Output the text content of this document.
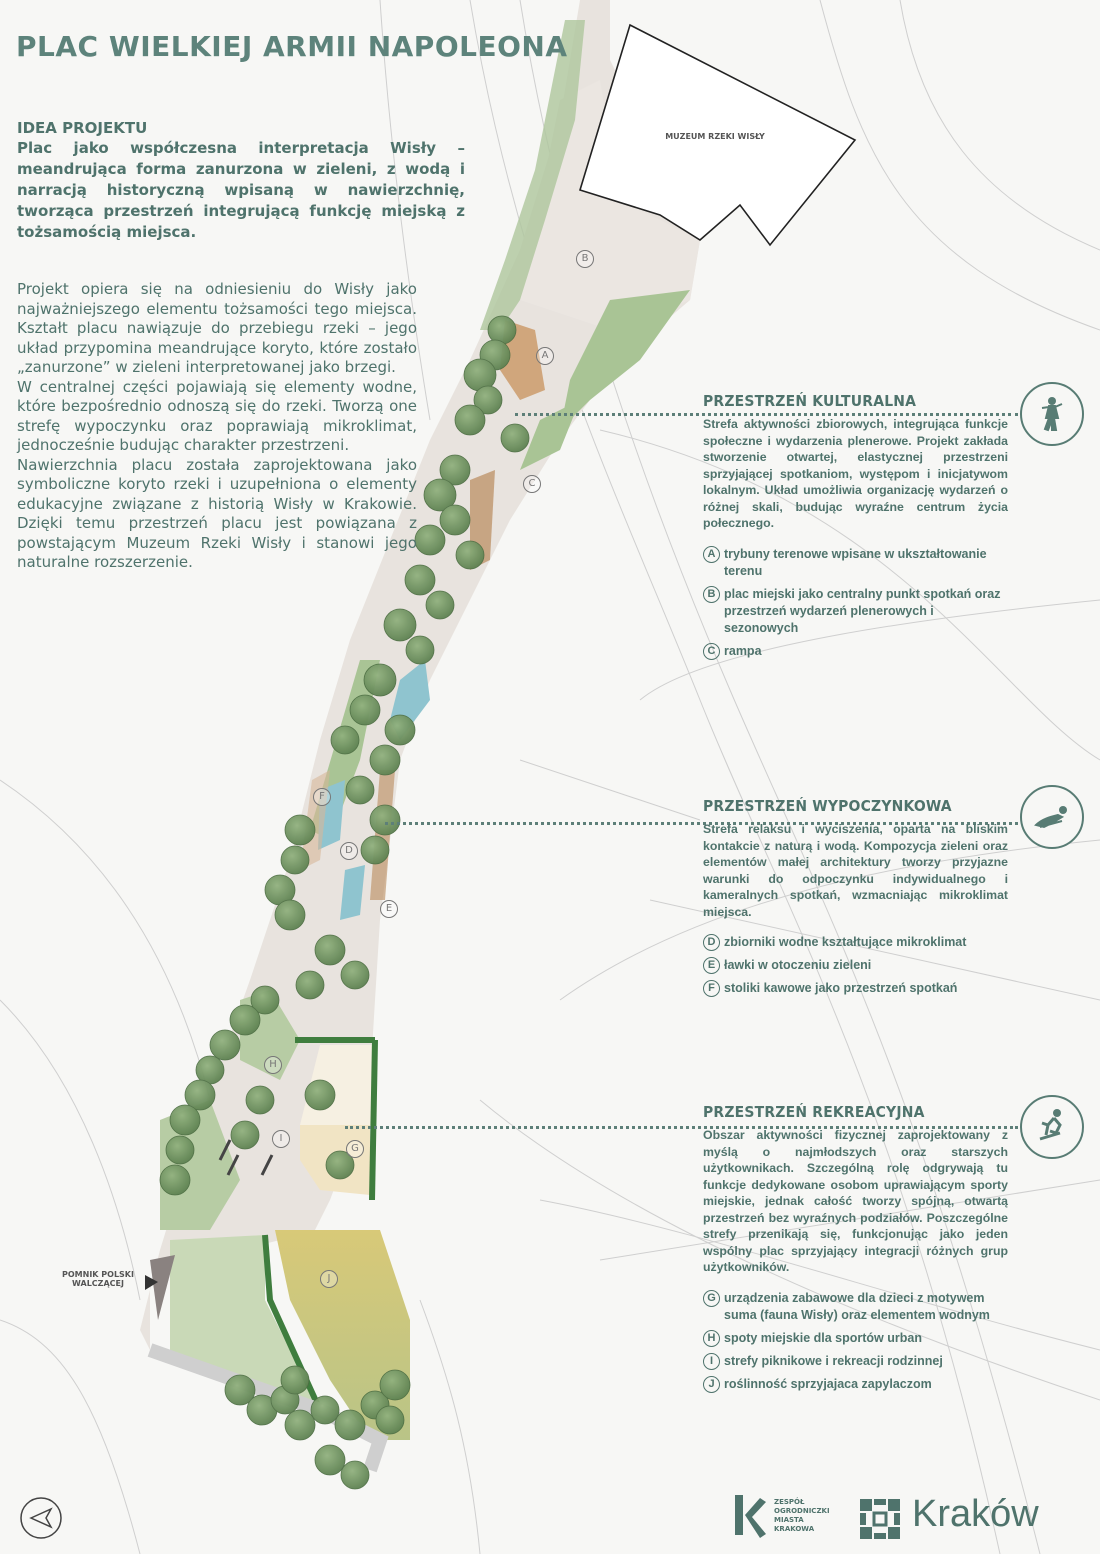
PLAC WIELKIEJ ARMII NAPOLEONA
IDEA PROJEKTU
Plac jako współczesna interpretacja Wisły – meandrująca forma zanurzona w zieleni, z wodą i narracją historyczną wpisaną w nawierzchnię, tworząca przestrzeń integrującą funkcję miejską z tożsamością miejsca.

Projekt opiera się na odniesieniu do Wisły jako najważniejszego elementu tożsamości tego miejsca. Kształt placu nawiązuje do przebiegu rzeki – jego układ przypomina meandrujące koryto, które zostało „zanurzone” w zieleni interpretowanej jako brzegi.

W centralnej części pojawiają się elementy wodne, które bezpośrednio odnoszą się do rzeki. Tworzą one strefę wypoczynku oraz poprawiają mikroklimat, jednocześnie budując charakter przestrzeni.

Nawierzchnia placu została zaprojektowana jako symboliczne koryto rzeki i uzupełniona o elementy edukacyjne związane z historią Wisły w Krakowie. Dzięki temu przestrzeń placu jest powiązana z powstającym Muzeum Rzeki Wisły i stanowi jego naturalne rozszerzenie.

MUZEUM RZEKI WISŁY
POMNIK POLSKI
WALCZĄCEJ
B
A
C
F
D
E
H
I
G
J
PRZESTRZEŃ KULTURALNA
Strefa aktywności zbiorowych, integrująca funkcje społeczne i wydarzenia plenerowe. Projekt zakłada stworzenie otwartej, elastycznej przestrzeni sprzyjającej spotkaniom, występom i inicjatywom lokalnym. Układ umożliwia organizację wydarzeń o różnej skali, budując wyraźne centrum życia połecznego.
A trybuny terenowe wpisane w ukształtowanie terenu
B plac miejski jako centralny punkt spotkań oraz przestrzeń wydarzeń plenerowych i sezonowych
C rampa
PRZESTRZEŃ WYPOCZYNKOWA
Strefa relaksu i wyciszenia, oparta na bliskim kontakcie z naturą i wodą. Kompozycja zieleni oraz elementów małej architektury tworzy przyjazne warunki do odpoczynku indywidualnego i kameralnych spotkań, wzmacniając mikroklimat miejsca.
D zbiorniki wodne kształtujące mikroklimat
E ławki w otoczeniu zieleni
F stoliki kawowe jako przestrzeń spotkań
PRZESTRZEŃ REKREACYJNA
Obszar aktywności fizycznej zaprojektowany z myślą o najmłodszych oraz starszych użytkownikach. Szczególną rolę odgrywają tu funkcje dedykowane osobom uprawiającym sporty miejskie, jednak całość tworzy spójną, otwartą przestrzeń bez wyraźnych podziałów. Poszczególne strefy przenikają się, funkcjonując jako jeden wspólny plac sprzyjający integracji różnych grup użytkowników.
G urządzenia zabawowe dla dzieci z motywem suma (fauna Wisły) oraz elementem wodnym
H spoty miejskie dla sportów urban
I strefy piknikowe i rekreacji rodzinnej
J roślinność sprzyjajaca zapylaczom
ZESPÓŁ
OGRODNICZKI
MIASTA
KRAKOWA	Kraków
